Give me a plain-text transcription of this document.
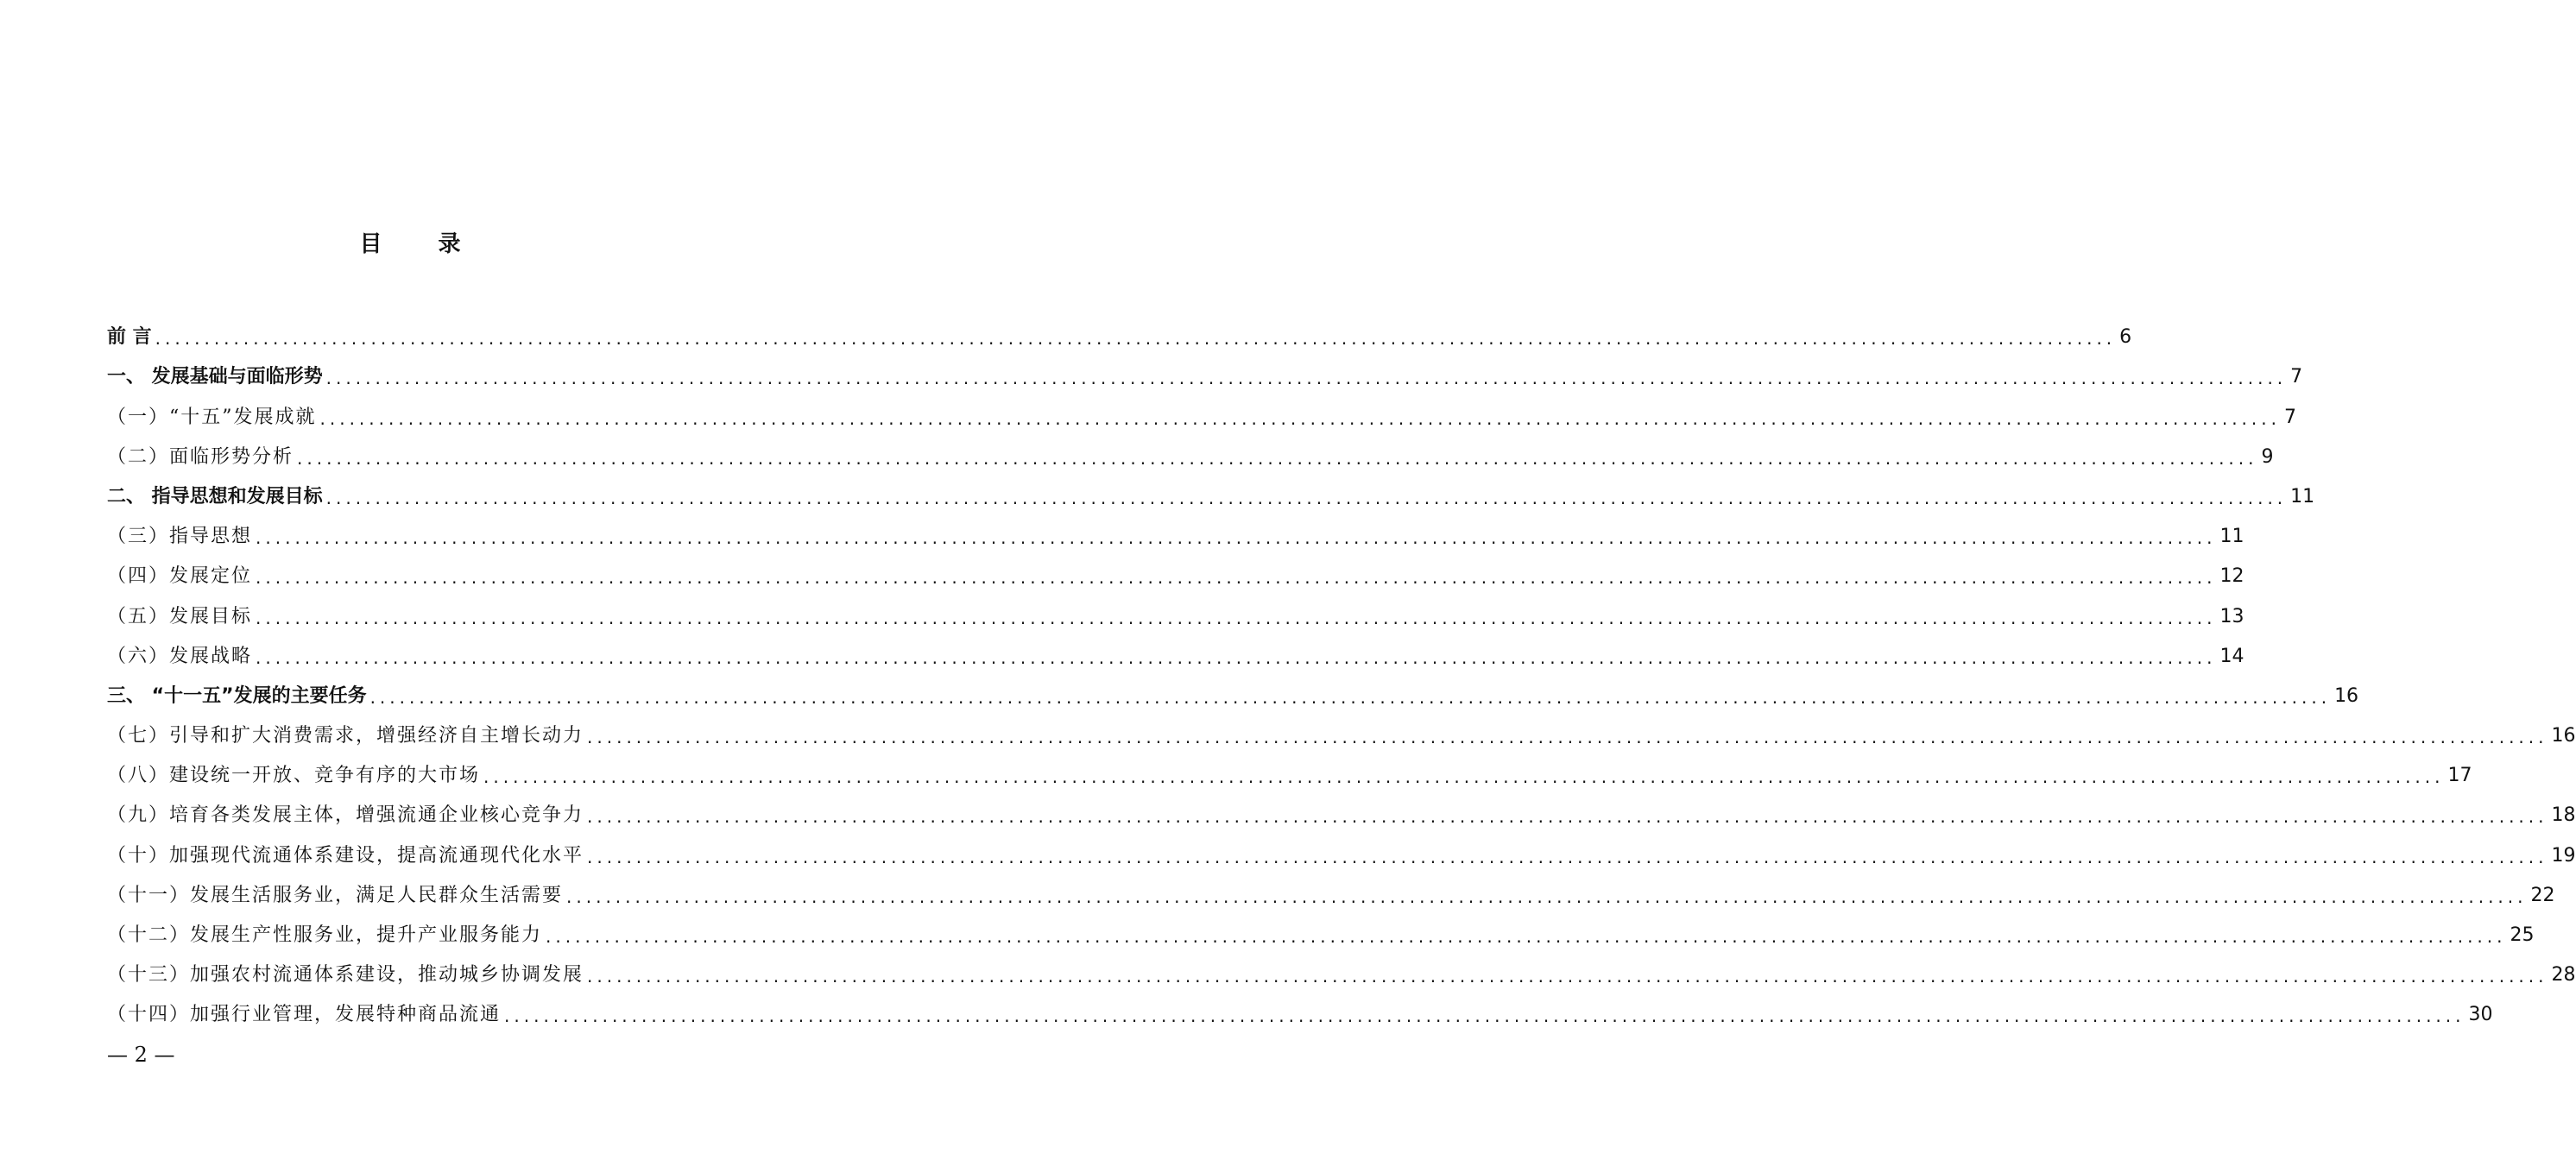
目 录
前 言 ........................................................................................................................................................................................................ 6
一、 发展基础与面临形势 ........................................................................................................................................................................................................ 7
（一）“十五”发展成就 ........................................................................................................................................................................................................ 7
（二）面临形势分析 ........................................................................................................................................................................................................ 9
二、 指导思想和发展目标 ........................................................................................................................................................................................................ 11
（三）指导思想 ........................................................................................................................................................................................................ 11
（四）发展定位 ........................................................................................................................................................................................................ 12
（五）发展目标 ........................................................................................................................................................................................................ 13
（六）发展战略 ........................................................................................................................................................................................................ 14
三、 “十一五”发展的主要任务 ........................................................................................................................................................................................................ 16
（七）引导和扩大消费需求，增强经济自主增长动力 ........................................................................................................................................................................................................ 16
（八）建设统一开放、竞争有序的大市场 ........................................................................................................................................................................................................ 17
（九）培育各类发展主体，增强流通企业核心竞争力 ........................................................................................................................................................................................................ 18
（十）加强现代流通体系建设，提高流通现代化水平 ........................................................................................................................................................................................................ 19
（十一）发展生活服务业，满足人民群众生活需要 ........................................................................................................................................................................................................ 22
（十二）发展生产性服务业，提升产业服务能力 ........................................................................................................................................................................................................ 25
（十三）加强农村流通体系建设，推动城乡协调发展 ........................................................................................................................................................................................................ 28
（十四）加强行业管理，发展特种商品流通 ........................................................................................................................................................................................................ 30
— 2 —
